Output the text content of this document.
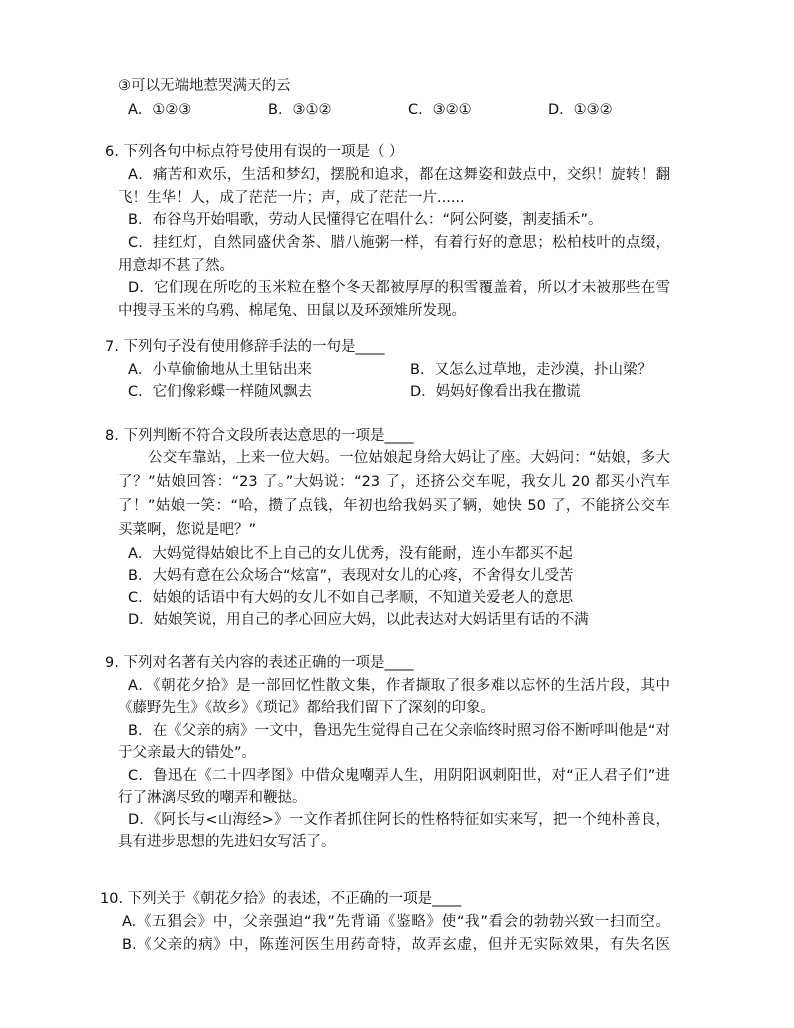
③可以无端地惹哭满天的云
A．①②③	B．③①②	C．③②①	D．①③②
6. 下列各句中标点符号使用有误的一项是（ ）
A．痛苦和欢乐，生活和梦幻，摆脱和追求，都在这舞姿和鼓点中，交织！旋转！翻
飞！生华！人，成了茫茫一片；声，成了茫茫一片......
B．布谷鸟开始唱歌，劳动人民懂得它在唱什么：“阿公阿婆，割麦插禾”。
C．挂红灯，自然同盛伏舍茶、腊八施粥一样，有着行好的意思；松柏枝叶的点缀，
用意却不甚了然。
D．它们现在所吃的玉米粒在整个冬天都被厚厚的积雪覆盖着，所以才未被那些在雪
中搜寻玉米的乌鸦、棉尾兔、田鼠以及环颈雉所发现。
7. 下列句子没有使用修辞手法的一句是____
A．小草偷偷地从土里钻出来	B．又怎么过草地，走沙漠，扑山梁？
C．它们像彩蝶一样随风飘去	D．妈妈好像看出我在撒谎
8. 下列判断不符合文段所表达意思的一项是____
公交车靠站，上来一位大妈。一位姑娘起身给大妈让了座。大妈问：“姑娘，多大
了？”姑娘回答：“23 了。”大妈说：“23 了，还挤公交车呢，我女儿 20 都买小汽车
了！”姑娘一笑：“哈，攒了点钱，年初也给我妈买了辆，她快 50 了，不能挤公交车
买菜啊，您说是吧？”
A．大妈觉得姑娘比不上自己的女儿优秀，没有能耐，连小车都买不起
B．大妈有意在公众场合“炫富”，表现对女儿的心疼，不舍得女儿受苦
C．姑娘的话语中有大妈的女儿不如自己孝顺，不知道关爱老人的意思
D．姑娘笑说，用自己的孝心回应大妈，以此表达对大妈话里有话的不满
9. 下列对名著有关内容的表述正确的一项是____
A．《朝花夕拾》是一部回忆性散文集，作者撷取了很多难以忘怀的生活片段，其中
《藤野先生》《故乡》《琐记》都给我们留下了深刻的印象。
B．在《父亲的病》一文中，鲁迅先生觉得自己在父亲临终时照习俗不断呼叫他是“对
于父亲最大的错处”。
C．鲁迅在《二十四孝图》中借众鬼嘲弄人生，用阴阳讽刺阳世，对“正人君子们”进
行了淋漓尽致的嘲弄和鞭挞。
D．《阿长与<山海经>》一文作者抓住阿长的性格特征如实来写，把一个纯朴善良，
具有进步思想的先进妇女写活了。
10. 下列关于《朝花夕拾》的表述，不正确的一项是____
A.《五猖会》中，父亲强迫“我”先背诵《鉴略》使“我”看会的勃勃兴致一扫而空。
B.《父亲的病》中，陈莲河医生用药奇特，故弄玄虚，但并无实际效果，有失名医
